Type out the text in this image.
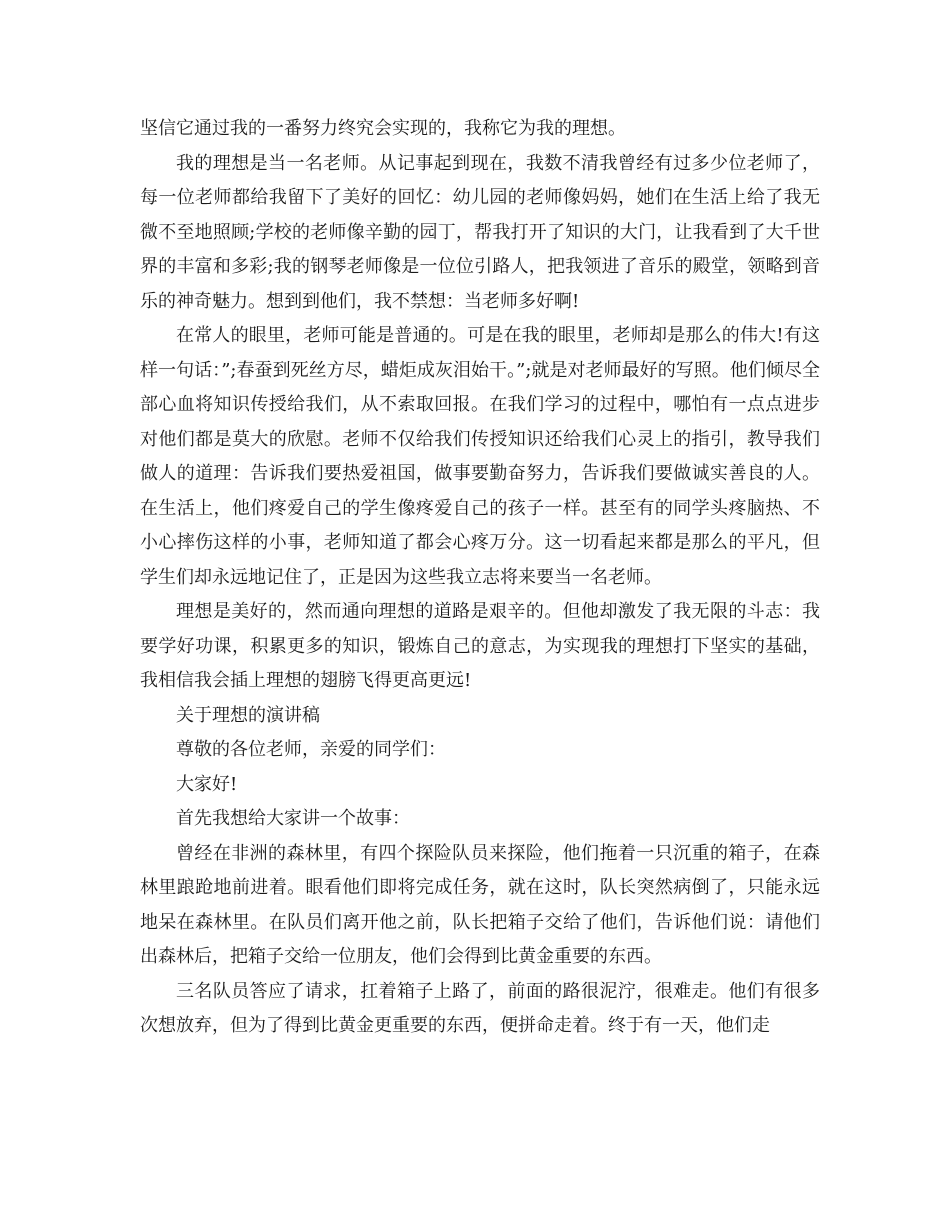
坚信它通过我的一番努力终究会实现的，我称它为我的理想。

我的理想是当一名老师。从记事起到现在，我数不清我曾经有过多少位老师了，每一位老师都给我留下了美好的回忆：幼儿园的老师像妈妈，她们在生活上给了我无微不至地照顾;学校的老师像辛勤的园丁，帮我打开了知识的大门，让我看到了大千世界的丰富和多彩;我的钢琴老师像是一位位引路人，把我领进了音乐的殿堂，领略到音乐的神奇魅力。想到到他们，我不禁想：当老师多好啊!

在常人的眼里，老师可能是普通的。可是在我的眼里，老师却是那么的伟大!有这样一句话：”;春蚕到死丝方尽，蜡炬成灰泪始干。”;就是对老师最好的写照。他们倾尽全部心血将知识传授给我们，从不索取回报。在我们学习的过程中，哪怕有一点点进步对他们都是莫大的欣慰。老师不仅给我们传授知识还给我们心灵上的指引，教导我们做人的道理：告诉我们要热爱祖国，做事要勤奋努力，告诉我们要做诚实善良的人。在生活上，他们疼爱自己的学生像疼爱自己的孩子一样。甚至有的同学头疼脑热、不小心摔伤这样的小事，老师知道了都会心疼万分。这一切看起来都是那么的平凡，但学生们却永远地记住了，正是因为这些我立志将来要当一名老师。

理想是美好的，然而通向理想的道路是艰辛的。但他却激发了我无限的斗志：我要学好功课，积累更多的知识，锻炼自己的意志，为实现我的理想打下坚实的基础，我相信我会插上理想的翅膀飞得更高更远!

关于理想的演讲稿

尊敬的各位老师，亲爱的同学们：

大家好!

首先我想给大家讲一个故事：

曾经在非洲的森林里，有四个探险队员来探险，他们拖着一只沉重的箱子，在森林里踉跄地前进着。眼看他们即将完成任务，就在这时，队长突然病倒了，只能永远地呆在森林里。在队员们离开他之前，队长把箱子交给了他们，告诉他们说：请他们出森林后，把箱子交给一位朋友，他们会得到比黄金重要的东西。

三名队员答应了请求，扛着箱子上路了，前面的路很泥泞，很难走。他们有很多次想放弃，但为了得到比黄金更重要的东西，便拼命走着。终于有一天，他们走
